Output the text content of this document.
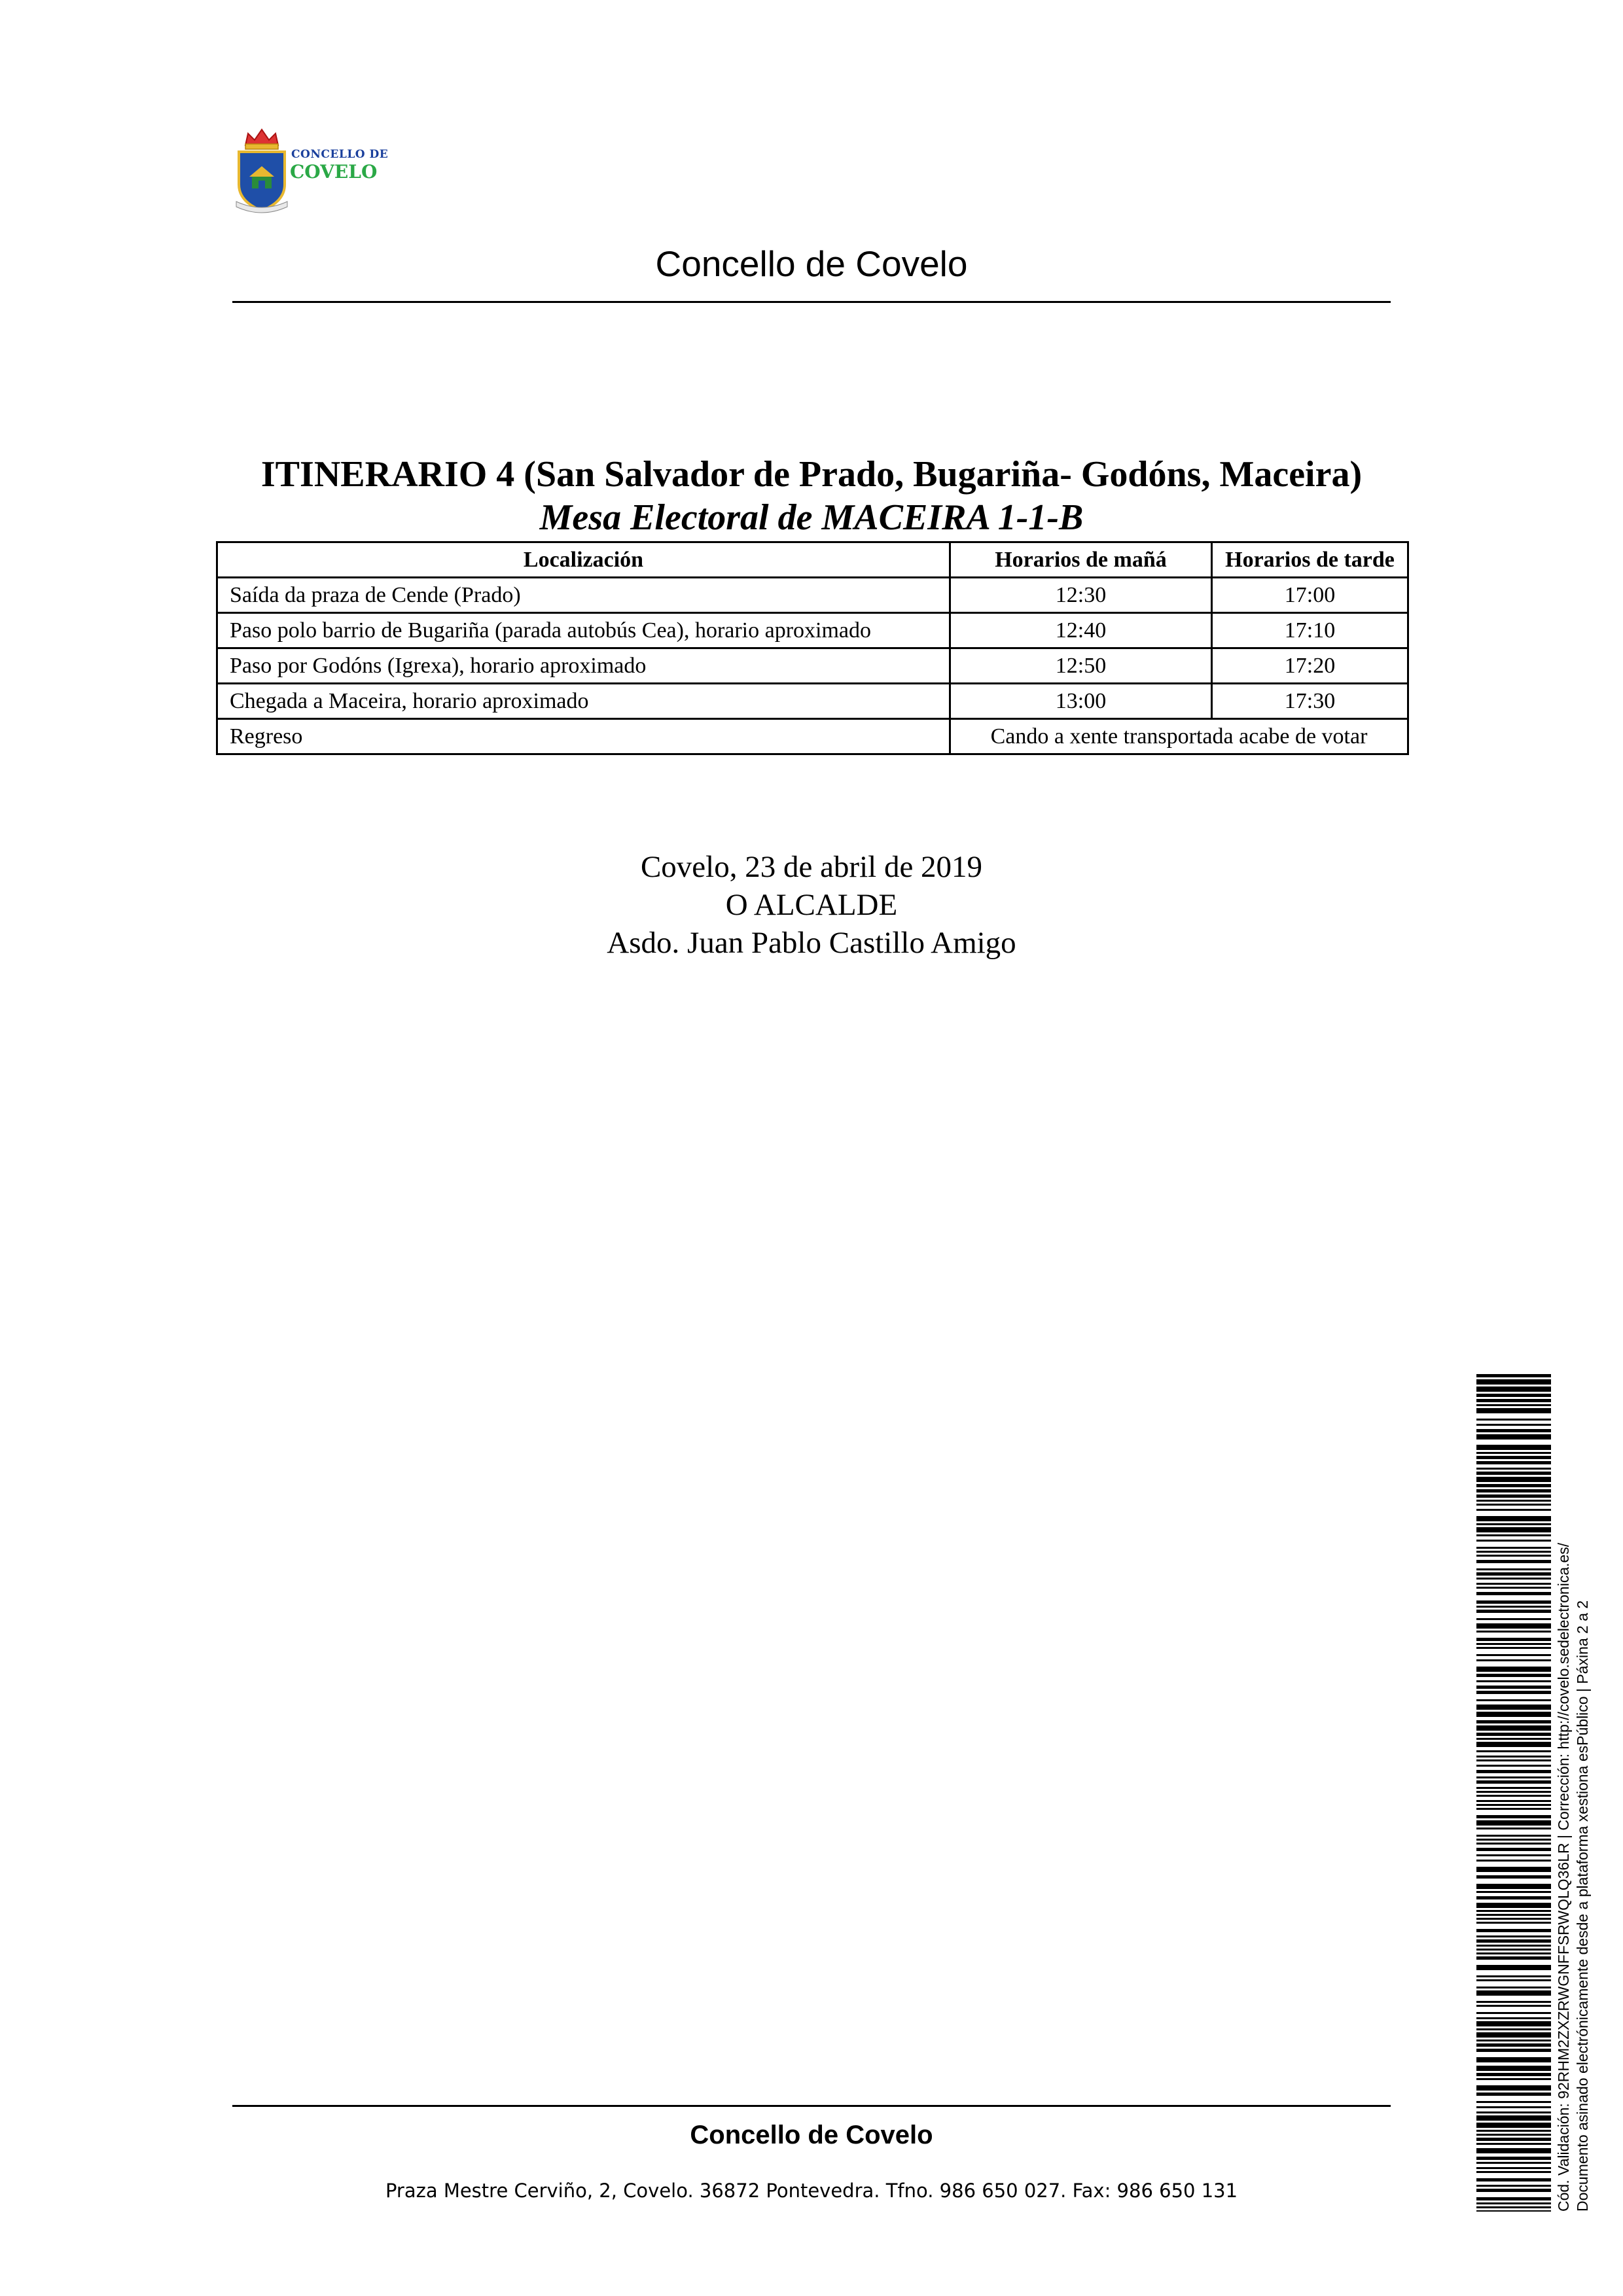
CONCELLO DE
COVELO
Concello de Covelo
ITINERARIO 4 (San Salvador de Prado, Bugariña- Godóns, Maceira)
Mesa Electoral de MACEIRA 1-1-B
Localización	Horarios de mañá	Horarios de tarde
Saída da praza de Cende (Prado)	12:30	17:00
Paso polo barrio de Bugariña (parada autobús Cea), horario aproximado	12:40	17:10
Paso por Godóns (Igrexa), horario aproximado	12:50	17:20
Chegada a Maceira, horario aproximado	13:00	17:30
Regreso	Cando a xente transportada acabe de votar	
Covelo, 23 de abril de 2019
O ALCALDE
Asdo. Juan Pablo Castillo Amigo
Concello de Covelo
Praza Mestre Cerviño, 2, Covelo. 36872 Pontevedra. Tfno. 986 650 027. Fax: 986 650 131	Cód. Validación: 92RHM2ZXZRWGNFFSRWQLQ36LR | Corrección: http://covelo.sedelectronica.es/ Documento asinado electrónicamente desde a plataforma xestiona esPúblico | Páxina 2 a 2
